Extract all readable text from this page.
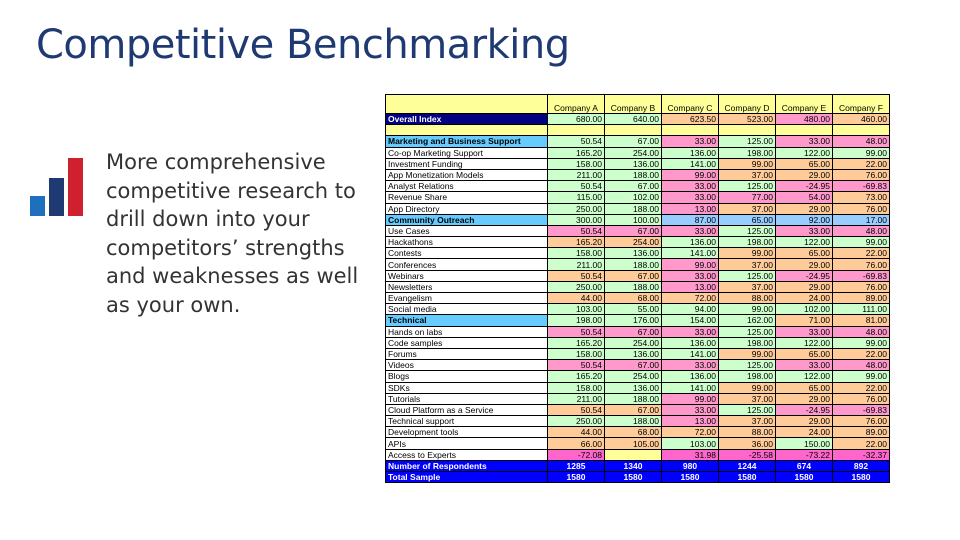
Competitive Benchmarking
More comprehensive competitive research to drill down into your competitors’ strengths and weaknesses as well as your own.
	Company A	Company B	Company C	Company D	Company E	Company F
Overall Index	680.00	640.00	623.50	523.00	480.00	460.00

Marketing and Business Support	50.54	67.00	33.00	125.00	33.00	48.00
Co-op Marketing Support	165.20	254.00	136.00	198.00	122.00	99.00
Investment Funding	158.00	136.00	141.00	99.00	65.00	22.00
App Monetization Models	211.00	188.00	99.00	37.00	29.00	76.00
Analyst Relations	50.54	67.00	33.00	125.00	-24.95	-69.83
Revenue Share	115.00	102.00	33.00	77.00	54.00	73.00
App Directory	250.00	188.00	13.00	37.00	29.00	76.00
Community Outreach	300.00	100.00	87.00	65.00	92.00	17.00
Use Cases	50.54	67.00	33.00	125.00	33.00	48.00
Hackathons	165.20	254.00	136.00	198.00	122.00	99.00
Contests	158.00	136.00	141.00	99.00	65.00	22.00
Conferences	211.00	188.00	99.00	37.00	29.00	76.00
Webinars	50.54	67.00	33.00	125.00	-24.95	-69.83
Newsletters	250.00	188.00	13.00	37.00	29.00	76.00
Evangelism	44.00	68.00	72.00	88.00	24.00	89.00
Social media	103.00	55.00	94.00	99.00	102.00	111.00
Technical	198.00	176.00	154.00	162.00	71.00	81.00
Hands on labs	50.54	67.00	33.00	125.00	33.00	48.00
Code samples	165.20	254.00	136.00	198.00	122.00	99.00
Forums	158.00	136.00	141.00	99.00	65.00	22.00
Videos	50.54	67.00	33.00	125.00	33.00	48.00
Blogs	165.20	254.00	136.00	198.00	122.00	99.00
SDKs	158.00	136.00	141.00	99.00	65.00	22.00
Tutorials	211.00	188.00	99.00	37.00	29.00	76.00
Cloud Platform as a Service	50.54	67.00	33.00	125.00	-24.95	-69.83
Technical support	250.00	188.00	13.00	37.00	29.00	76.00
Development tools	44.00	68.00	72.00	88.00	24.00	89.00
APIs	66.00	105.00	103.00	36.00	150.00	22.00
Access to Experts	-72.08		31.98	-25.58	-73.22	-32.37
Number of Respondents	1285	1340	980	1244	674	892
Total Sample	1580	1580	1580	1580	1580	1580
